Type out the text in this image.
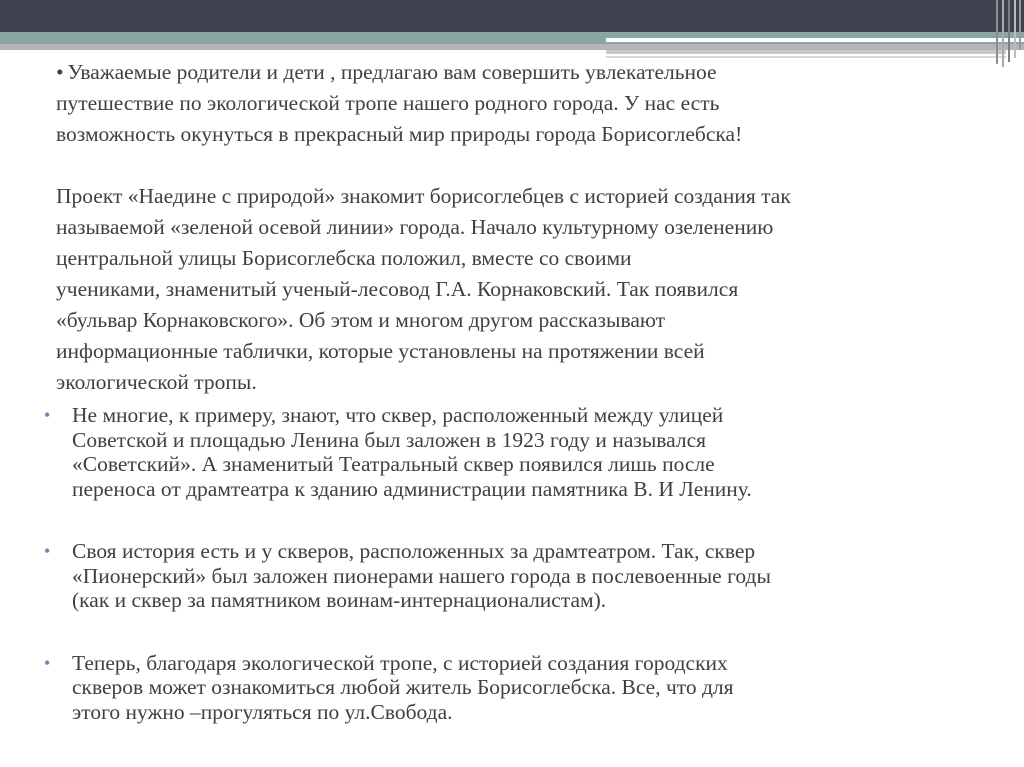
• Уважаемые родители и дети , предлагаю вам совершить увлекательное
путешествие по экологической тропе нашего родного города. У нас есть
возможность окунуться в прекрасный мир природы города Борисоглебска!

Проект «Наедине с природой» знакомит борисоглебцев с историей создания так
называемой «зеленой осевой линии» города. Начало культурному озеленению
центральной улицы Борисоглебска положил, вместе со своими
учениками, знаменитый ученый-лесовод Г.А. Корнаковский. Так появился
«бульвар Корнаковского». Об этом и многом другом рассказывают
информационные таблички, которые установлены на протяжении всей
экологической тропы.

• Не многие, к примеру, знают, что сквер, расположенный между улицей
Советской и площадью Ленина был заложен в 1923 году и назывался
«Советский». А знаменитый Театральный сквер появился лишь после
переноса от драмтеатра к зданию администрации памятника В. И Ленину.
• Своя история есть и у скверов, расположенных за драмтеатром. Так, сквер
«Пионерский» был заложен пионерами нашего города в послевоенные годы
(как и сквер за памятником воинам-интернационалистам).
• Теперь, благодаря экологической тропе, с историей создания городских
скверов может ознакомиться любой житель Борисоглебска. Все, что для
этого нужно –прогуляться по ул.Свобода.
